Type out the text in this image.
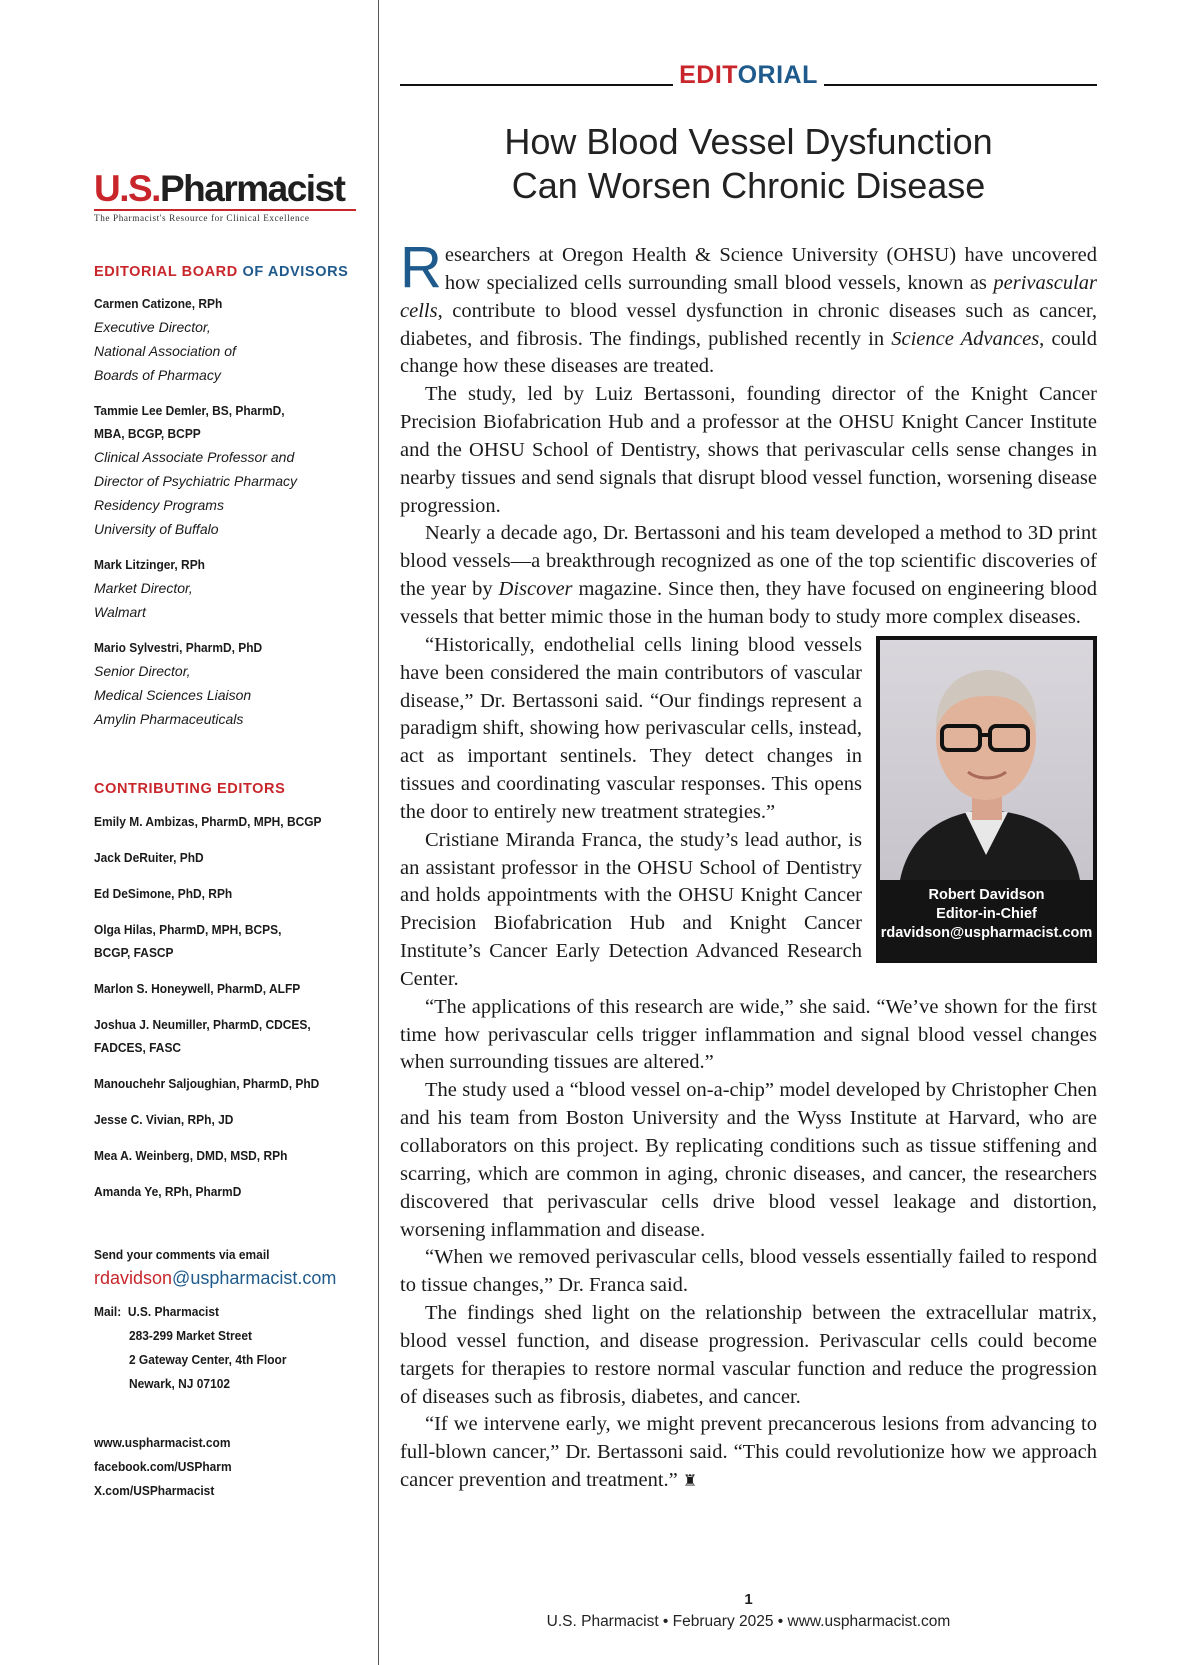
U.S.Pharmacist
The Pharmacist's Resource for Clinical Excellence
EDITORIAL BOARD OF ADVISORS
Carmen Catizone, RPh
Executive Director,
National Association of
Boards of Pharmacy
Tammie Lee Demler, BS, PharmD,
MBA, BCGP, BCPP
Clinical Associate Professor and
Director of Psychiatric Pharmacy
Residency Programs
University of Buffalo
Mark Litzinger, RPh
Market Director,
Walmart
Mario Sylvestri, PharmD, PhD
Senior Director,
Medical Sciences Liaison
Amylin Pharmaceuticals
CONTRIBUTING EDITORS
Emily M. Ambizas, PharmD, MPH, BCGP
Jack DeRuiter, PhD
Ed DeSimone, PhD, RPh
Olga Hilas, PharmD, MPH, BCPS,
BCGP, FASCP
Marlon S. Honeywell, PharmD, ALFP
Joshua J. Neumiller, PharmD, CDCES,
FADCES, FASC
Manouchehr Saljoughian, PharmD, PhD
Jesse C. Vivian, RPh, JD
Mea A. Weinberg, DMD, MSD, RPh
Amanda Ye, RPh, PharmD
Send your comments via email
rdavidson@uspharmacist.com
Mail: U.S. Pharmacist
283-299 Market Street
2 Gateway Center, 4th Floor
Newark, NJ 07102
www.uspharmacist.com
facebook.com/USPharm
X.com/USPharmacist
EDITORIAL
How Blood Vessel Dysfunction
Can Worsen Chronic Disease

Researchers at Oregon Health & Science University (OHSU) have uncovered how specialized cells surrounding small blood vessels, known as perivascular cells, contribute to blood vessel dysfunction in chronic diseases such as cancer, diabetes, and fibrosis. The findings, published recently in Science Advances, could change how these diseases are treated.

The study, led by Luiz Bertassoni, founding director of the Knight Cancer Precision Biofabrication Hub and a professor at the OHSU Knight Cancer Institute and the OHSU School of Dentistry, shows that perivascular cells sense changes in nearby tissues and send signals that disrupt blood vessel function, worsening disease progression.

Nearly a decade ago, Dr. Bertassoni and his team developed a method to 3D print blood vessels—a breakthrough recognized as one of the top scientific discoveries of the year by Discover magazine. Since then, they have focused on engineering blood vessels that better mimic those in the human body to study more complex diseases.

Robert Davidson
Editor-in-Chief
rdavidson@uspharmacist.com

“Historically, endothelial cells lining blood vessels have been considered the main contributors of vascular disease,” Dr. Bertassoni said. “Our findings represent a paradigm shift, showing how perivascular cells, instead, act as important sentinels. They detect changes in tissues and coordinating vascular responses. This opens the door to entirely new treatment strategies.”

Cristiane Miranda Franca, the study’s lead author, is an assistant professor in the OHSU School of Dentistry and holds appointments with the OHSU Knight Cancer Precision Biofabrication Hub and Knight Cancer Institute’s Cancer Early Detection Advanced Research Center.

“The applications of this research are wide,” she said. “We’ve shown for the first time how perivascular cells trigger inflammation and signal blood vessel changes when surrounding tissues are altered.”

The study used a “blood vessel on-a-chip” model developed by Christopher Chen and his team from Boston University and the Wyss Institute at Harvard, who are collaborators on this project. By replicating conditions such as tissue stiffening and scarring, which are common in aging, chronic diseases, and cancer, the researchers discovered that perivascular cells drive blood vessel leakage and distortion, worsening inflammation and disease.

“When we removed perivascular cells, blood vessels essentially failed to respond to tissue changes,” Dr. Franca said.

The findings shed light on the relationship between the extracellular matrix, blood vessel function, and disease progression. Perivascular cells could become targets for therapies to restore normal vascular function and reduce the progression of diseases such as fibrosis, diabetes, and cancer.

“If we intervene early, we might prevent precancerous lesions from advancing to full-blown cancer,” Dr. Bertassoni said. “This could revolutionize how we approach cancer prevention and treatment.” ♜

1
U.S. Pharmacist • February 2025 • www.uspharmacist.com
